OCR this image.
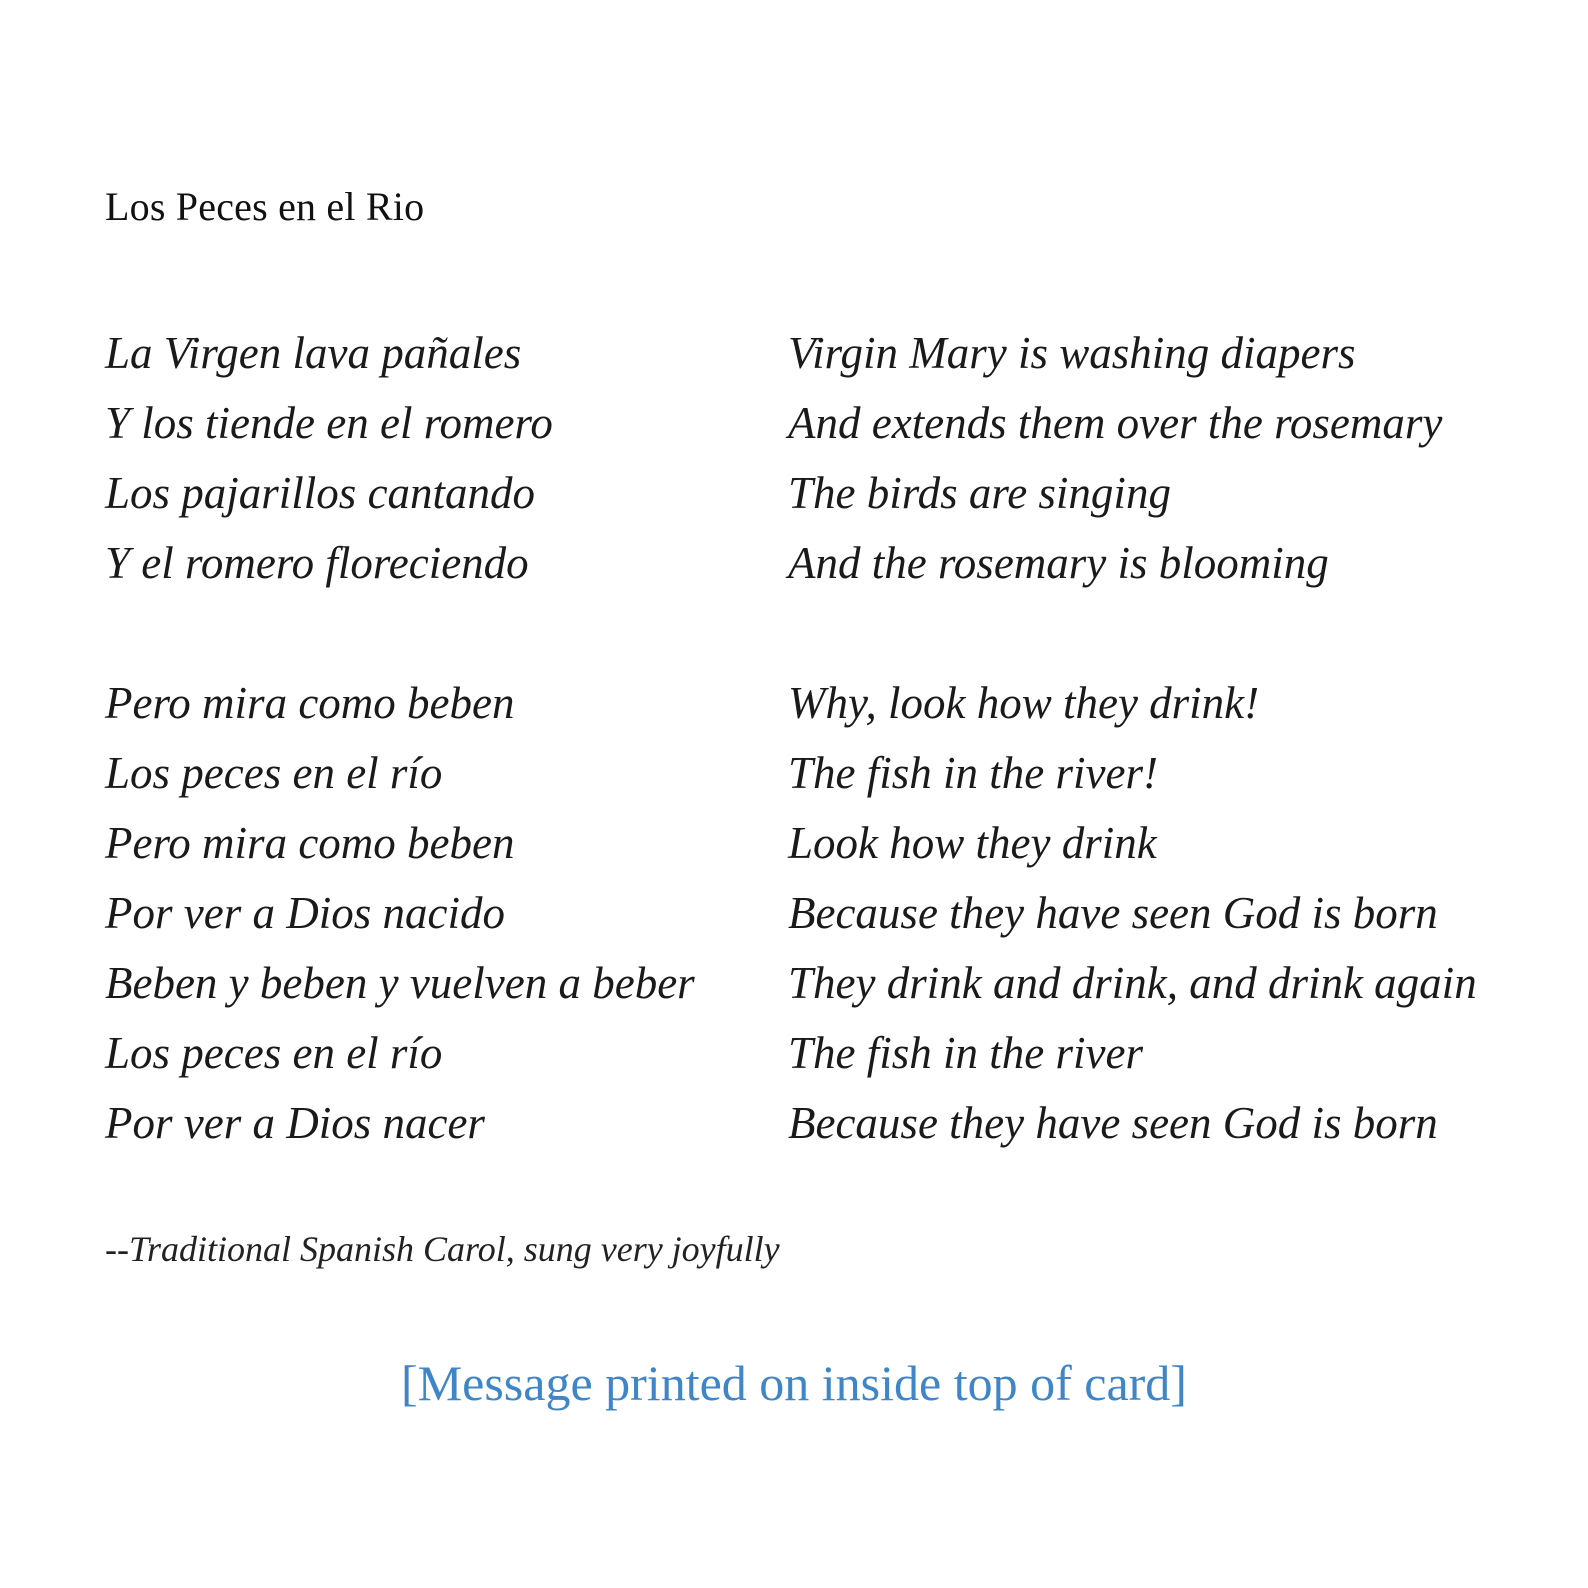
Los Peces en el Rio
La Virgen lava pañales
Y los tiende en el romero
Los pajarillos cantando
Y el romero floreciendo
Pero mira como beben
Los peces en el río
Pero mira como beben
Por ver a Dios nacido
Beben y beben y vuelven a beber
Los peces en el río
Por ver a Dios nacer
Virgin Mary is washing diapers
And extends them over the rosemary
The birds are singing
And the rosemary is blooming
Why, look how they drink!
The fish in the river!
Look how they drink
Because they have seen God is born
They drink and drink, and drink again
The fish in the river
Because they have seen God is born
--Traditional Spanish Carol, sung very joyfully
[Message printed on inside top of card]
